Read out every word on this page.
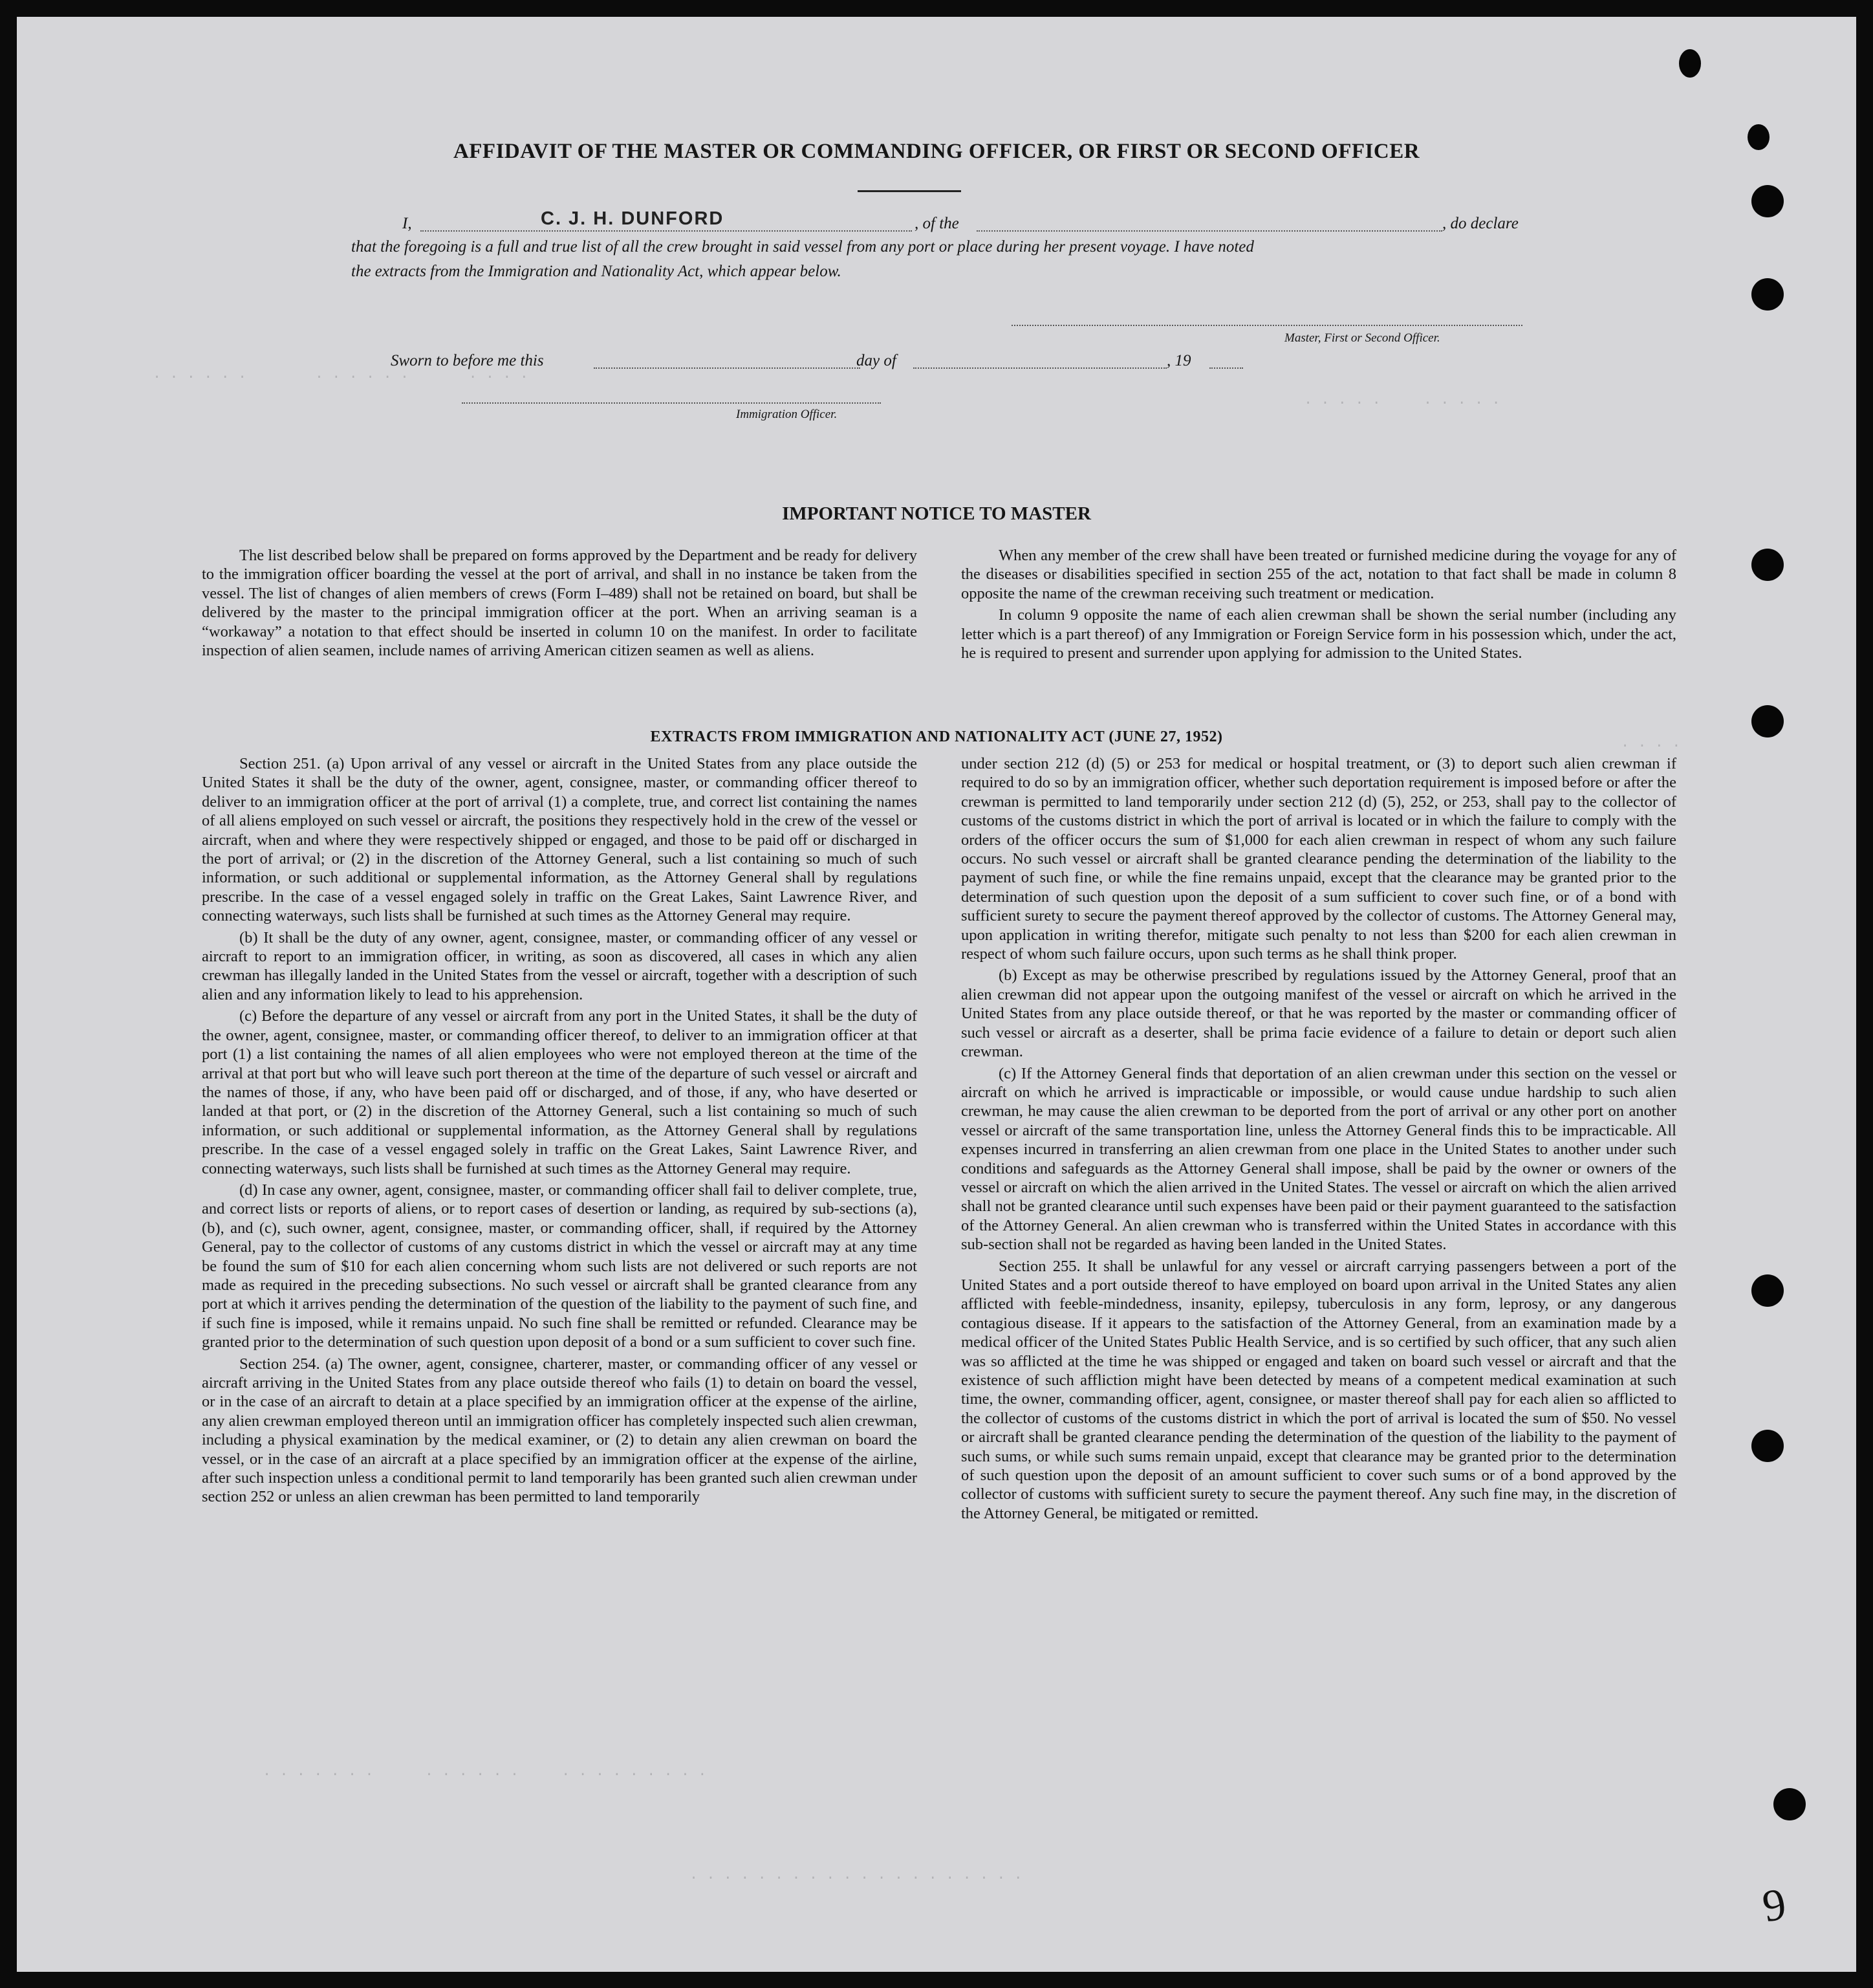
. . . . . .        . . . . . .       . . . .
. . . . .     . . . . .
. . . .
. . . . . . .      . . . . . .     . . . . . . . . .
. . . . . . . . . . . . . . . . . . . .
AFFIDAVIT OF THE MASTER OR COMMANDING OFFICER, OR FIRST OR SECOND OFFICER
I,	C. J. H. DUNFORD	, of the	, do declare
that the foregoing is a full and true list of all the crew brought in said vessel from any port or place during her present voyage. I have noted
the extracts from the Immigration and Nationality Act, which appear below.
Master, First or Second Officer.
Sworn to before me this	day of	, 19
Immigration Officer.
IMPORTANT NOTICE TO MASTER

The list described below shall be prepared on forms approved by the Department and be ready for delivery to the immigration officer boarding the vessel at the port of arrival, and shall in no instance be taken from the vessel. The list of changes of alien members of crews (Form I–489) shall not be retained on board, but shall be delivered by the master to the principal immigration officer at the port. When an arriving seaman is a “workaway” a notation to that effect should be inserted in column 10 on the manifest. In order to facilitate inspection of alien seamen, include names of arriving American citizen seamen as well as aliens.

When any member of the crew shall have been treated or furnished medicine during the voyage for any of the diseases or disabilities specified in section 255 of the act, notation to that fact shall be made in column 8 opposite the name of the crewman receiving such treatment or medication.

In column 9 opposite the name of each alien crewman shall be shown the serial number (including any letter which is a part thereof) of any Immigration or Foreign Service form in his possession which, under the act, he is required to present and surrender upon applying for admission to the United States.

EXTRACTS FROM IMMIGRATION AND NATIONALITY ACT (JUNE 27, 1952)

Section 251. (a) Upon arrival of any vessel or aircraft in the United States from any place outside the United States it shall be the duty of the owner, agent, consignee, master, or commanding officer thereof to deliver to an immigration officer at the port of arrival (1) a complete, true, and correct list containing the names of all aliens employed on such vessel or aircraft, the positions they respectively hold in the crew of the vessel or aircraft, when and where they were respectively shipped or engaged, and those to be paid off or discharged in the port of arrival; or (2) in the discretion of the Attorney General, such a list containing so much of such information, or such additional or supplemental information, as the Attorney General shall by regulations prescribe. In the case of a vessel engaged solely in traffic on the Great Lakes, Saint Lawrence River, and connecting waterways, such lists shall be furnished at such times as the Attorney General may require.

(b) It shall be the duty of any owner, agent, consignee, master, or commanding officer of any vessel or aircraft to report to an immigration officer, in writing, as soon as discovered, all cases in which any alien crewman has illegally landed in the United States from the vessel or aircraft, together with a description of such alien and any information likely to lead to his apprehension.

(c) Before the departure of any vessel or aircraft from any port in the United States, it shall be the duty of the owner, agent, consignee, master, or commanding officer thereof, to deliver to an immigration officer at that port (1) a list containing the names of all alien employees who were not employed thereon at the time of the arrival at that port but who will leave such port thereon at the time of the departure of such vessel or aircraft and the names of those, if any, who have been paid off or discharged, and of those, if any, who have deserted or landed at that port, or (2) in the discretion of the Attorney General, such a list containing so much of such information, or such additional or supplemental information, as the Attorney General shall by regulations prescribe. In the case of a vessel engaged solely in traffic on the Great Lakes, Saint Lawrence River, and connecting waterways, such lists shall be furnished at such times as the Attorney General may require.

(d) In case any owner, agent, consignee, master, or commanding officer shall fail to deliver complete, true, and correct lists or reports of aliens, or to report cases of desertion or landing, as required by sub-sections (a), (b), and (c), such owner, agent, consignee, master, or commanding officer, shall, if required by the Attorney General, pay to the collector of customs of any customs district in which the vessel or aircraft may at any time be found the sum of $10 for each alien concerning whom such lists are not delivered or such reports are not made as required in the preceding subsections. No such vessel or aircraft shall be granted clearance from any port at which it arrives pending the determination of the question of the liability to the payment of such fine, and if such fine is imposed, while it remains unpaid. No such fine shall be remitted or refunded. Clearance may be granted prior to the determination of such question upon deposit of a bond or a sum sufficient to cover such fine.

Section 254. (a) The owner, agent, consignee, charterer, master, or commanding officer of any vessel or aircraft arriving in the United States from any place outside thereof who fails (1) to detain on board the vessel, or in the case of an aircraft to detain at a place specified by an immigration officer at the expense of the airline, any alien crewman employed thereon until an immigration officer has completely inspected such alien crewman, including a physical examination by the medical examiner, or (2) to detain any alien crewman on board the vessel, or in the case of an aircraft at a place specified by an immigration officer at the expense of the airline, after such inspection unless a conditional permit to land temporarily has been granted such alien crewman under section 252 or unless an alien crewman has been permitted to land temporarily

under section 212 (d) (5) or 253 for medical or hospital treatment, or (3) to deport such alien crewman if required to do so by an immigration officer, whether such deportation requirement is imposed before or after the crewman is permitted to land temporarily under section 212 (d) (5), 252, or 253, shall pay to the collector of customs of the customs district in which the port of arrival is located or in which the failure to comply with the orders of the officer occurs the sum of $1,000 for each alien crewman in respect of whom any such failure occurs. No such vessel or aircraft shall be granted clearance pending the determination of the liability to the payment of such fine, or while the fine remains unpaid, except that the clearance may be granted prior to the determination of such question upon the deposit of a sum sufficient to cover such fine, or of a bond with sufficient surety to secure the payment thereof approved by the collector of customs. The Attorney General may, upon application in writing therefor, mitigate such penalty to not less than $200 for each alien crewman in respect of whom such failure occurs, upon such terms as he shall think proper.

(b) Except as may be otherwise prescribed by regulations issued by the Attorney General, proof that an alien crewman did not appear upon the outgoing manifest of the vessel or aircraft on which he arrived in the United States from any place outside thereof, or that he was reported by the master or commanding officer of such vessel or aircraft as a deserter, shall be prima facie evidence of a failure to detain or deport such alien crewman.

(c) If the Attorney General finds that deportation of an alien crewman under this section on the vessel or aircraft on which he arrived is impracticable or impossible, or would cause undue hardship to such alien crewman, he may cause the alien crewman to be deported from the port of arrival or any other port on another vessel or aircraft of the same transportation line, unless the Attorney General finds this to be impracticable. All expenses incurred in transferring an alien crewman from one place in the United States to another under such conditions and safeguards as the Attorney General shall impose, shall be paid by the owner or owners of the vessel or aircraft on which the alien arrived in the United States. The vessel or aircraft on which the alien arrived shall not be granted clearance until such expenses have been paid or their payment guaranteed to the satisfaction of the Attorney General. An alien crewman who is transferred within the United States in accordance with this sub-section shall not be regarded as having been landed in the United States.

Section 255. It shall be unlawful for any vessel or aircraft carrying passengers between a port of the United States and a port outside thereof to have employed on board upon arrival in the United States any alien afflicted with feeble-mindedness, insanity, epilepsy, tuberculosis in any form, leprosy, or any dangerous contagious disease. If it appears to the satisfaction of the Attorney General, from an examination made by a medical officer of the United States Public Health Service, and is so certified by such officer, that any such alien was so afflicted at the time he was shipped or engaged and taken on board such vessel or aircraft and that the existence of such affliction might have been detected by means of a competent medical examination at such time, the owner, commanding officer, agent, consignee, or master thereof shall pay for each alien so afflicted to the collector of customs of the customs district in which the port of arrival is located the sum of $50. No vessel or aircraft shall be granted clearance pending the determination of the question of the liability to the payment of such sums, or while such sums remain unpaid, except that clearance may be granted prior to the determination of such question upon the deposit of an amount sufficient to cover such sums or of a bond approved by the collector of customs with sufficient surety to secure the payment thereof. Any such fine may, in the discretion of the Attorney General, be mitigated or remitted.

9
